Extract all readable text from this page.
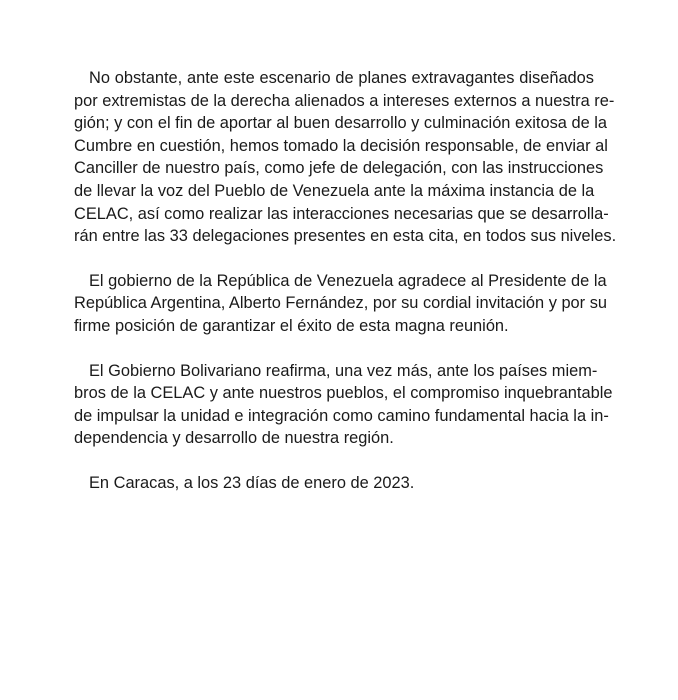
No obstante, ante este escenario de planes extravagantes diseñados
por extremistas de la derecha alienados a intereses externos a nuestra re-
gión; y con el fin de aportar al buen desarrollo y culminación exitosa de la
Cumbre en cuestión, hemos tomado la decisión responsable, de enviar al
Canciller de nuestro país, como jefe de delegación, con las instrucciones
de llevar la voz del Pueblo de Venezuela ante la máxima instancia de la
CELAC, así como realizar las interacciones necesarias que se desarrolla-
rán entre las 33 delegaciones presentes en esta cita, en todos sus niveles.

El gobierno de la República de Venezuela agradece al Presidente de la
República Argentina, Alberto Fernández, por su cordial invitación y por su
firme posición de garantizar el éxito de esta magna reunión.

El Gobierno Bolivariano reafirma, una vez más, ante los países miem-
bros de la CELAC y ante nuestros pueblos, el compromiso inquebrantable
de impulsar la unidad e integración como camino fundamental hacia la in-
dependencia y desarrollo de nuestra región.

En Caracas, a los 23 días de enero de 2023.
